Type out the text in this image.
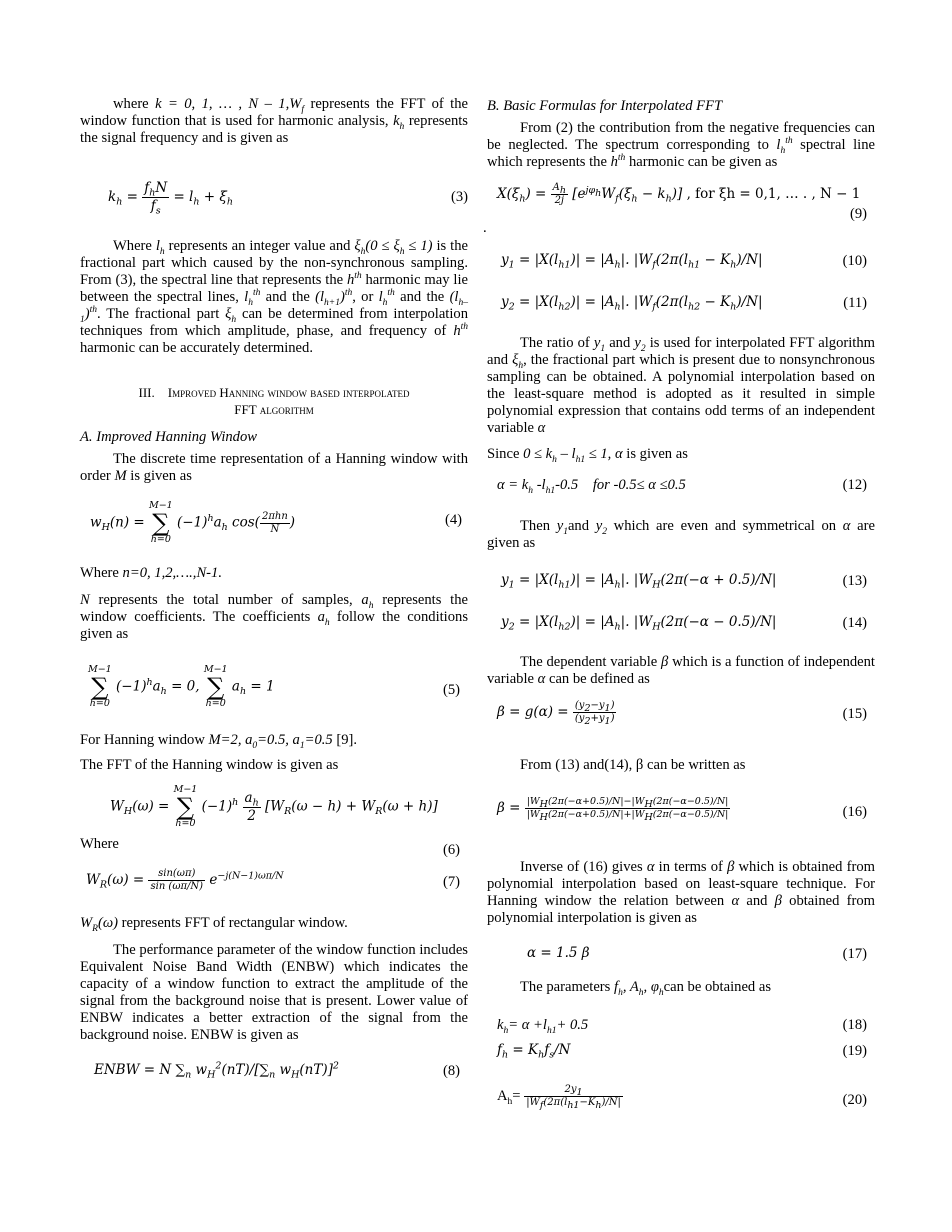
where k = 0, 1, … , N – $1,W_f$ represents the FFT of the window function that is used for harmonic analysis, $k_h$ represents the signal frequency and is given as

$k_h = \frac{f_hN}{f_s} = l_h + \xi_h$	(3)

Where $l_h$ represents an integer value and $\xi_h(0 \le \xi_h \le 1)$ is the fractional part which caused by the non-synchronous sampling. From (3), the spectral line that represents the $h^{th}$ harmonic may lie between the spectral lines, $l_h^{th}$ and the $(l_{h+1})^{th}$, or $l_h^{th}$ and the $(l_{h-1})^{th}$. The fractional part $\xi_h$ can be determined from interpolation techniques from which amplitude, phase, and frequency of $h^{th}$ harmonic can be accurately determined.

III. Improved Hanning window based interpolated

FFT algorithm

A. Improved Hanning Window

The discrete time representation of a Hanning window with order M is given as

$w_H(n)$ =
M−1
∑
h=0
$(-1)^ha_h$ $\cos( \frac{\text{2πhn}}{N}$ )	(4)

Where n=0, 1,2,….,N-1.

N represents the total number of samples, $a_h$ represents the window coefficients. The coefficients $a_h$ follow the conditions given as

M−1
∑
h=0
$(-1)^ha_h = 0$,
M−1
∑
h=0
$a_h = 1$	(5)

For Hanning window M=2, $a_0=0.5$, $a_1=0.5$ [9].

The FFT of the Hanning window is given as

$W_H(\omega)$ =
M−1
∑
h=0
$(-1)^h \frac{a_h}{2} [W_R(\omega - h) + W_R(\omega + h)]$

Where	(6)
$W_R(\omega) = \frac{\sin(\omega\pi)}{\sin (\omega\pi/N)} e^{-j(N-1)\omega\pi/N}$	(7)

$W_R(\omega)$ represents FFT of rectangular window.

The performance parameter of the window function includes Equivalent Noise Band Width (ENBW) which indicates the capacity of a window function to extract the amplitude of the signal from the background noise that is present. Lower value of ENBW indicates a better extraction of the signal from the background noise. ENBW is given as

ENBW = N $\sum_n$ $w_H^2(nT)/[\sum_n$ $w_H(nT)]^2$	(8)

B. Basic Formulas for Interpolated FFT

From (2) the contribution from the negative frequencies can be neglected. The spectrum corresponding to $l_h^{th}$ spectral line which represents the $h^{th}$ harmonic can be given as

$X(\xi_h) = \frac{A_h}{2j} [e^{j\varphi_h}W_f(\xi_h - k_h)]$ , for ξh = 0,1, … . , N − 1
(9)
.
$y_1 = |X(l_{h1})| = |A_h|$. $|W_f(2\pi(l_{h1} - K_h)/N|$	(10)
$y_2 = |X(l_{h2})| = |A_h|$. $|W_f(2\pi(l_{h2} - K_h)/N|$	(11)

The ratio of $y_1$ and $y_2$ is used for interpolated FFT algorithm and $\xi_h$, the fractional part which is present due to nonsynchronous sampling can be obtained. A polynomial interpolation based on the least-square method is adopted as it resulted in simple polynomial expression that contains odd terms of an independent variable α

Since $0 \le k_h - l_{h1} \le 1$, α is given as

$\alpha = k_h$ $-l_{h1}-0.5$    for -0.5≤ α ≤0.5	(12)

Then $y_1and$ $y_2$ which are even and symmetrical on α are given as

$y_1 = |X(l_{h1})| = |A_h|$. $|W_H(2\pi(-\alpha + 0.5)/N|$	(13)
$y_2 = |X(l_{h2})| = |A_h|$. $|W_H(2\pi(-\alpha - 0.5)/N|$	(14)

The dependent variable β which is a function of independent variable α can be defined as

$\beta = g(\alpha) = \frac{(y_2-y_1)}{(y_2+y_1)}$	(15)

From (13) and(14), β can be written as

$\beta = \frac{|W_H(2\pi(-\alpha+0.5)/N|-|W_H(2\pi(-\alpha-0.5)/N|}{|W_H(2\pi(-\alpha+0.5)/N|+|W_H(2\pi(-\alpha-0.5)/N|}$	(16)

Inverse of (16) gives α in terms of β which is obtained from polynomial interpolation based on least-square technique. For Hanning window the relation between α and β obtained from polynomial interpolation is given as

α = 1.5 β	(17)

The parameters $f_h$, $A_h$, $\varphi_hcan$ be obtained as

$k_h= \alpha +l_{h1}+ 0.5$	(18)
$f_h = K_hf_s/N$	(19)
$A_h= \frac{2y_1}{|W_f(2\pi(l_{h1}-K_h)/N|}$	(20)
